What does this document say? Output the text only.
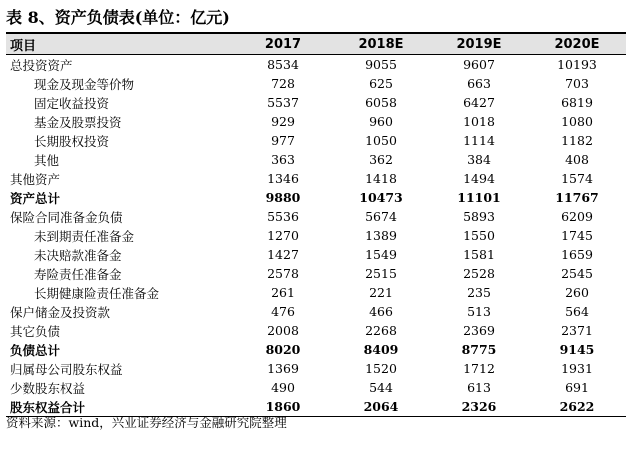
表 8、资产负债表(单位：亿元)
项目	2017	2018E	2019E	2020E
总投资资产	8534	9055	9607	10193
现金及现金等价物	728	625	663	703
固定收益投资	5537	6058	6427	6819
基金及股票投资	929	960	1018	1080
长期股权投资	977	1050	1114	1182
其他	363	362	384	408
其他资产	1346	1418	1494	1574
资产总计	9880	10473	11101	11767
保险合同准备金负债	5536	5674	5893	6209
未到期责任准备金	1270	1389	1550	1745
未决赔款准备金	1427	1549	1581	1659
寿险责任准备金	2578	2515	2528	2545
长期健康险责任准备金	261	221	235	260
保户储金及投资款	476	466	513	564
其它负债	2008	2268	2369	2371
负债总计	8020	8409	8775	9145
归属母公司股东权益	1369	1520	1712	1931
少数股东权益	490	544	613	691
股东权益合计	1860	2064	2326	2622
资料来源：wind，兴业证券经济与金融研究院整理
